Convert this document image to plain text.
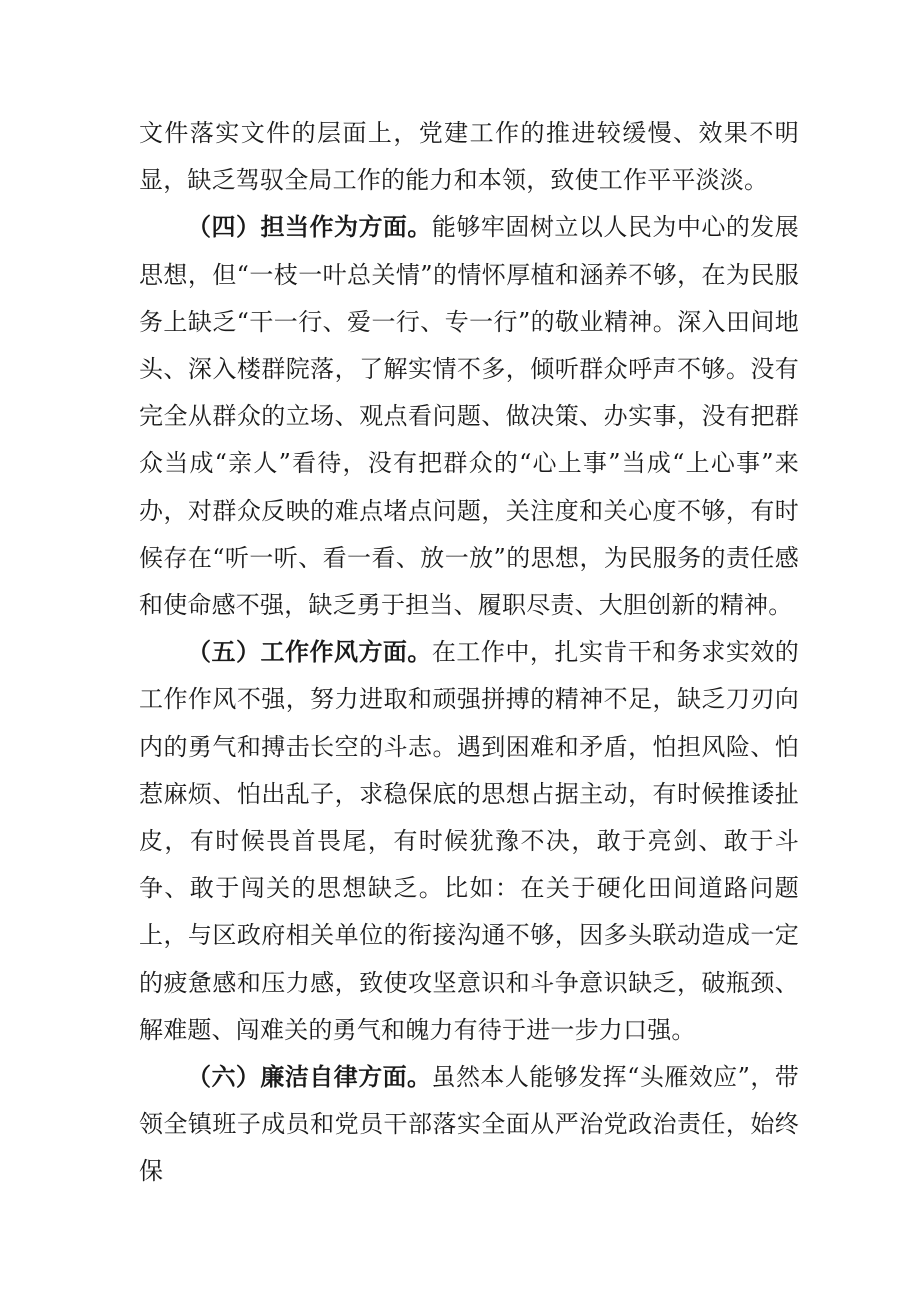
文件落实文件的层面上，党建工作的推进较缓慢、效果不明显，缺乏驾驭全局工作的能力和本领，致使工作平平淡淡。

（四）担当作为方面。能够牢固树立以人民为中心的发展思想，但“一枝一叶总关情”的情怀厚植和涵养不够，在为民服务上缺乏“干一行、爱一行、专一行”的敬业精神。深入田间地头、深入楼群院落，了解实情不多，倾听群众呼声不够。没有完全从群众的立场、观点看问题、做决策、办实事，没有把群众当成“亲人”看待，没有把群众的“心上事”当成“上心事”来办，对群众反映的难点堵点问题，关注度和关心度不够，有时候存在“听一听、看一看、放一放”的思想，为民服务的责任感和使命感不强，缺乏勇于担当、履职尽责、大胆创新的精神。

（五）工作作风方面。在工作中，扎实肯干和务求实效的工作作风不强，努力进取和顽强拼搏的精神不足，缺乏刀刃向内的勇气和搏击长空的斗志。遇到困难和矛盾，怕担风险、怕惹麻烦、怕出乱子，求稳保底的思想占据主动，有时候推诿扯皮，有时候畏首畏尾，有时候犹豫不决，敢于亮剑、敢于斗争、敢于闯关的思想缺乏。比如：在关于硬化田间道路问题上，与区政府相关单位的衔接沟通不够，因多头联动造成一定的疲惫感和压力感，致使攻坚意识和斗争意识缺乏，破瓶颈、解难题、闯难关的勇气和魄力有待于进一步力口强。

（六）廉洁自律方面。虽然本人能够发挥“头雁效应”，带领全镇班子成员和党员干部落实全面从严治党政治责任，始终保
